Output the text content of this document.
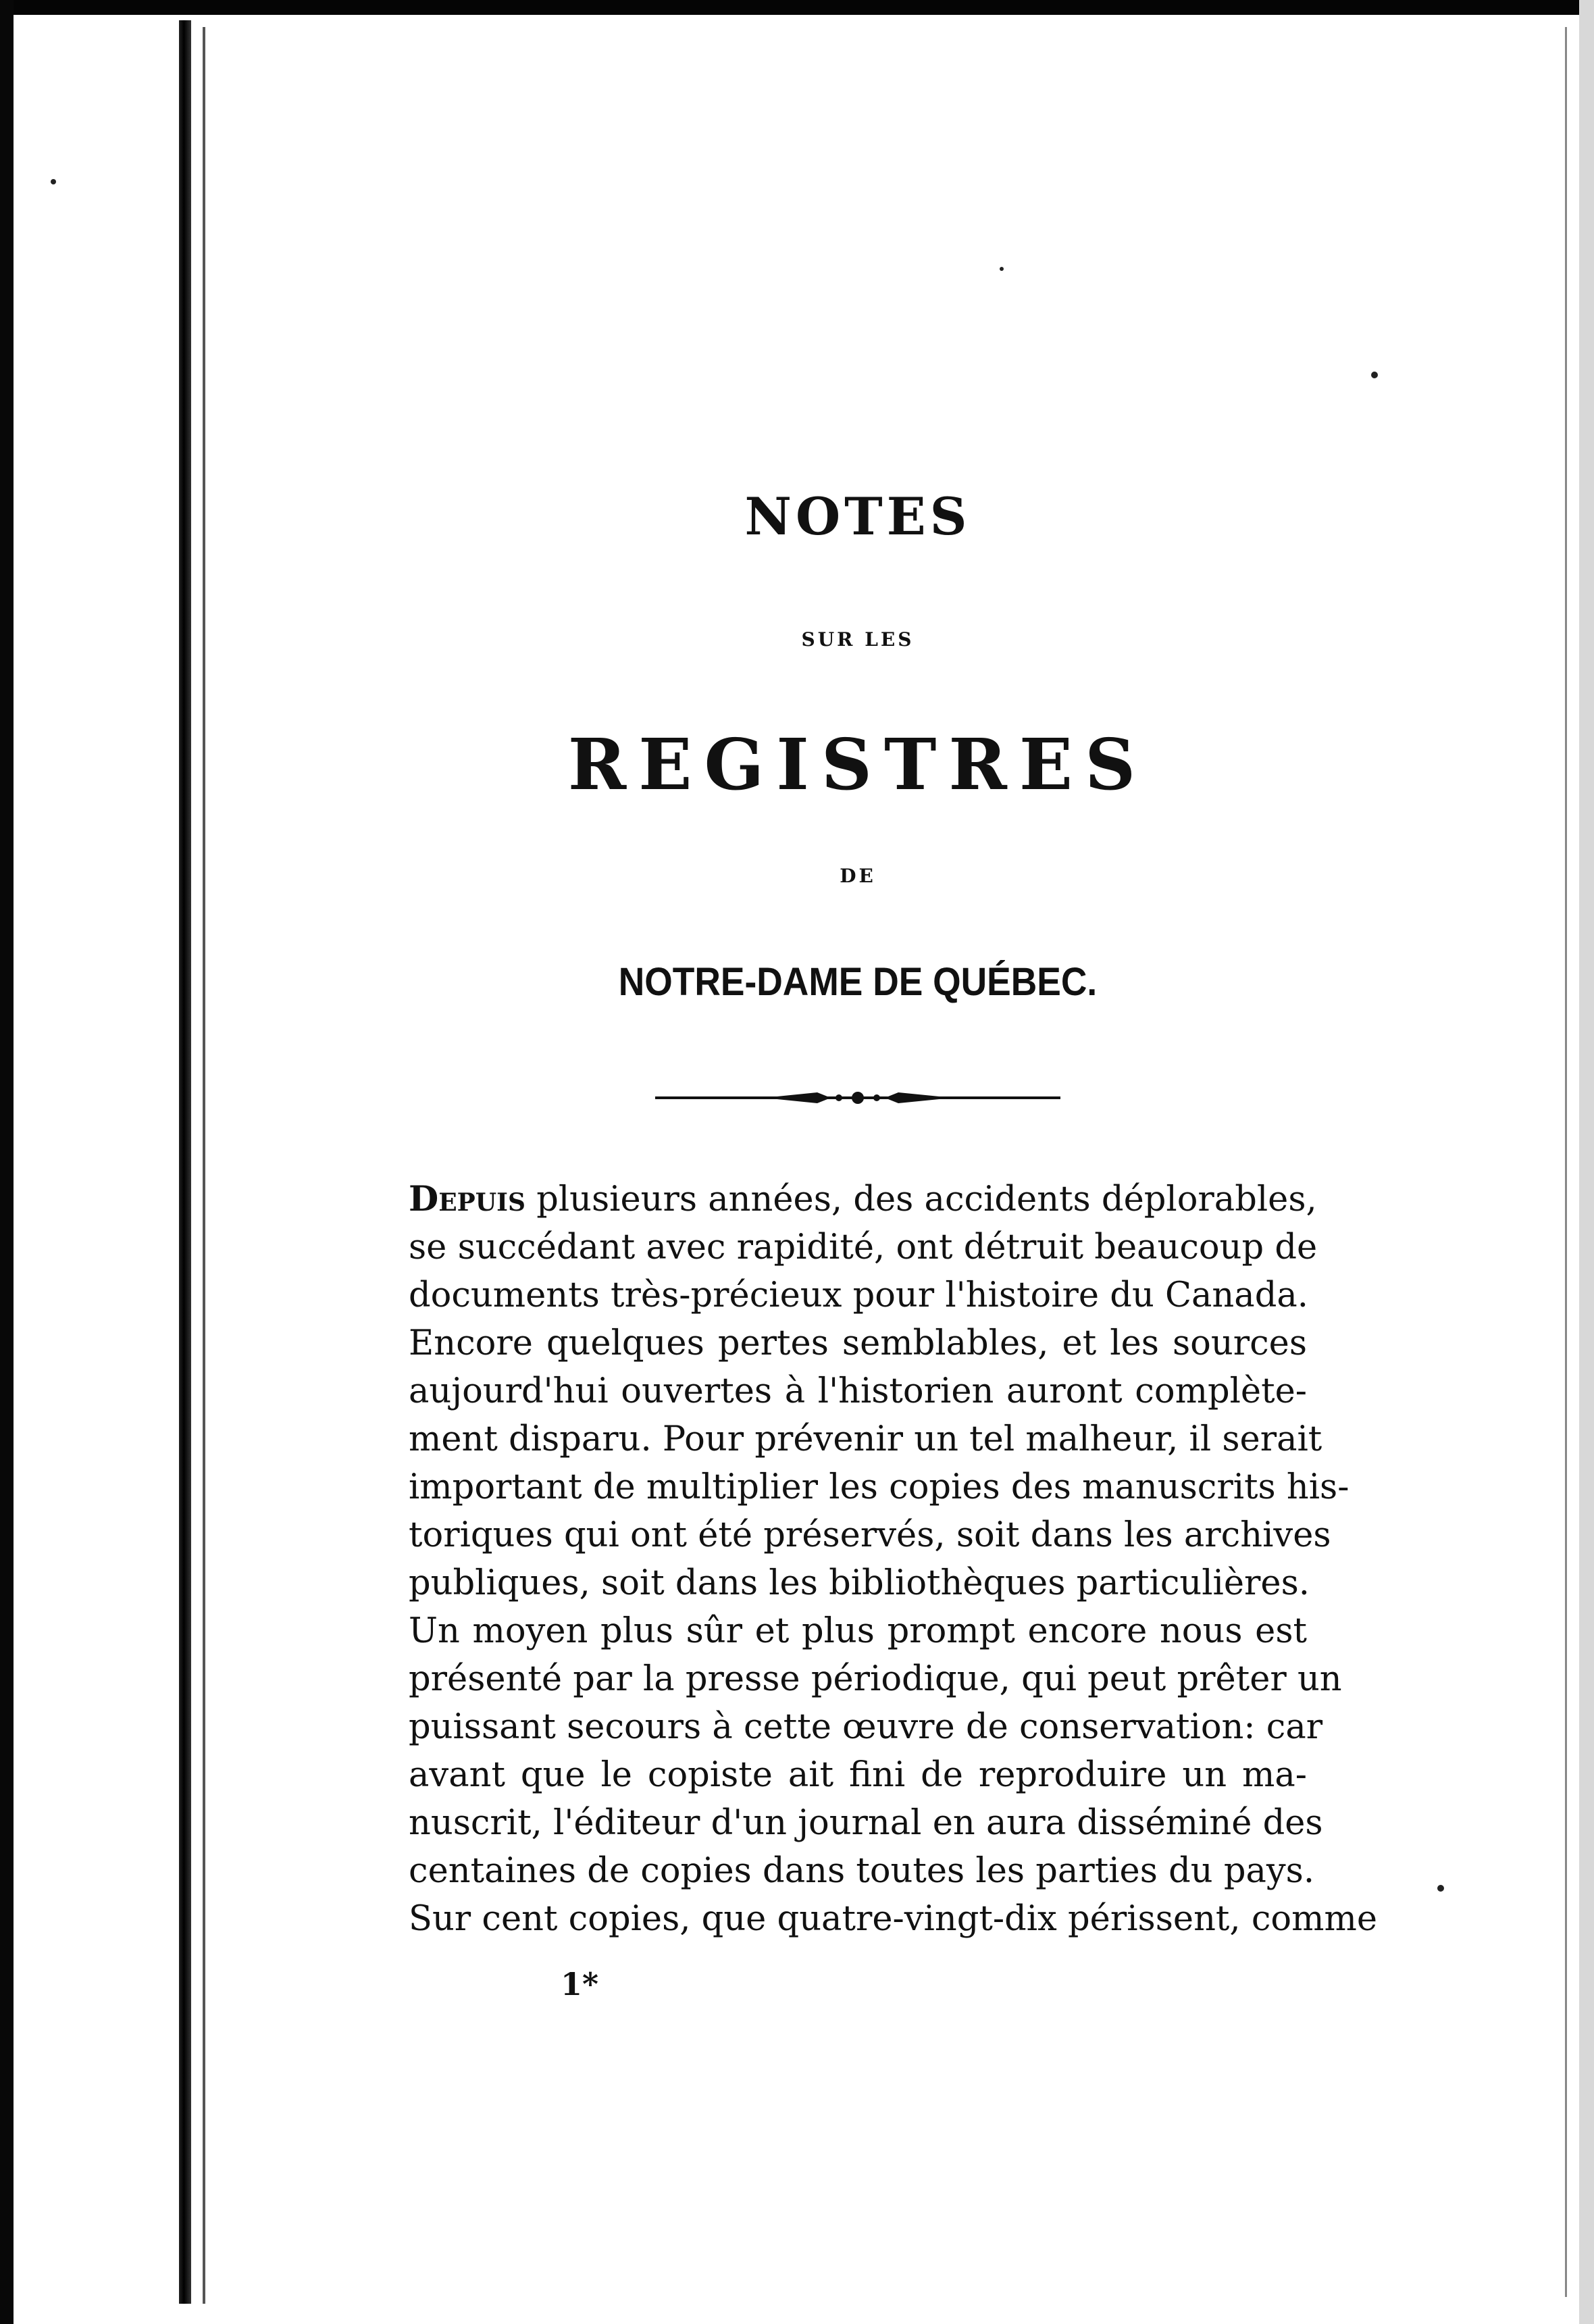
NOTES
SUR LES
REGISTRES
DE
NOTRE-DAME DE QUÉBEC.
Depuis plusieurs années, des accidents déplorables,
se succédant avec rapidité, ont détruit beaucoup de
documents très-précieux pour l'histoire du Canada.
Encore quelques pertes semblables, et les sources
aujourd'hui ouvertes à l'historien auront complète-
ment disparu. Pour prévenir un tel malheur, il serait
important de multiplier les copies des manuscrits his-
toriques qui ont été préservés, soit dans les archives
publiques, soit dans les bibliothèques particulières.
Un moyen plus sûr et plus prompt encore nous est
présenté par la presse périodique, qui peut prêter un
puissant secours à cette œuvre de conservation: car
avant que le copiste ait fini de reproduire un ma-
nuscrit, l'éditeur d'un journal en aura disséminé des
centaines de copies dans toutes les parties du pays.
Sur cent copies, que quatre-vingt-dix périssent, comme
1*
